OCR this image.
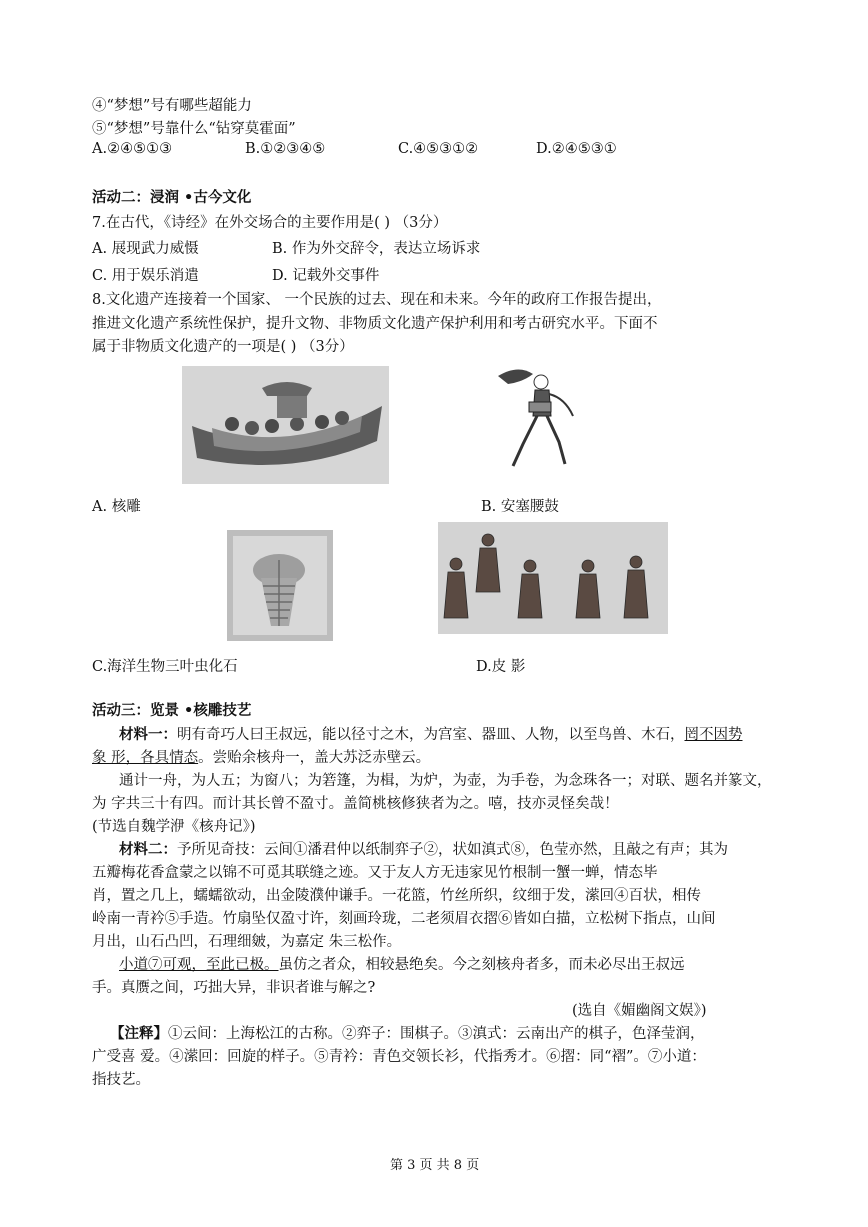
④“梦想”号有哪些超能力
⑤“梦想”号靠什么“钻穿莫霍面”
A.②④⑤①③	B.①②③④⑤	C.④⑤③①②	D.②④⑤③①
活动二：浸润 •古今文化
7.在古代，《诗经》在外交场合的主要作用是( ) （3分）
A. 展现武力威慑	B. 作为外交辞令，表达立场诉求
C. 用于娱乐消遣	D. 记载外交事件
8.文化遗产连接着一个国家、 一个民族的过去、现在和未来。今年的政府工作报告提出，
推进文化遗产系统性保护，提升文物、非物质文化遗产保护利用和考古研究水平。下面不
属于非物质文化遗产的一项是( ) （3分）
A. 核雕	B. 安塞腰鼓
C.海洋生物三叶虫化石	D.皮 影
活动三：览景 •核雕技艺
材料一：明有奇巧人曰王叔远，能以径寸之木，为宫室、器皿、人物，以至鸟兽、木石，罔不因势
象 形，各具情态。尝贻余核舟一，盖大苏泛赤壁云。
通计一舟，为人五；为窗八；为箬篷，为楫，为炉，为壶，为手卷，为念珠各一；对联、题名并篆文，
为 字共三十有四。而计其长曾不盈寸。盖简桃核修狭者为之。嘻，技亦灵怪矣哉！
(节选自魏学洢《核舟记》)
材料二：予所见奇技：云间①潘君仲以纸制弈子②，状如滇式⑧，色莹亦然，且敲之有声；其为
五瓣梅花香盒蒙之以锦不可觅其联缝之迹。又于友人方无违家见竹根制一蟹一蝉，情态毕
肖，置之几上，蠕蠕欲动，出金陵濮仲谦手。一花篮，竹丝所织，纹细于发，潆回④百状，相传
岭南一青衿⑤手造。竹扇坠仅盈寸许，刻画玲珑，二老须眉衣摺⑥皆如白描，立松树下指点，山间
月出，山石凸凹，石理细皴，为嘉定 朱三松作。
小道⑦可观，至此已极。虽仿之者众，相较悬绝矣。今之刻核舟者多，而未必尽出王叔远
手。真赝之间，巧拙大异，非识者谁与解之?
(选自《媚幽阁文娱》)
【注释】①云间：上海松江的古称。②弈子：围棋子。③滇式：云南出产的棋子，色泽莹润，
广受喜 爱。④潆回：回旋的样子。⑤青衿：青色交领长衫，代指秀才。⑥摺：同“褶”。⑦小道：
指技艺。
第 3 页 共 8 页
